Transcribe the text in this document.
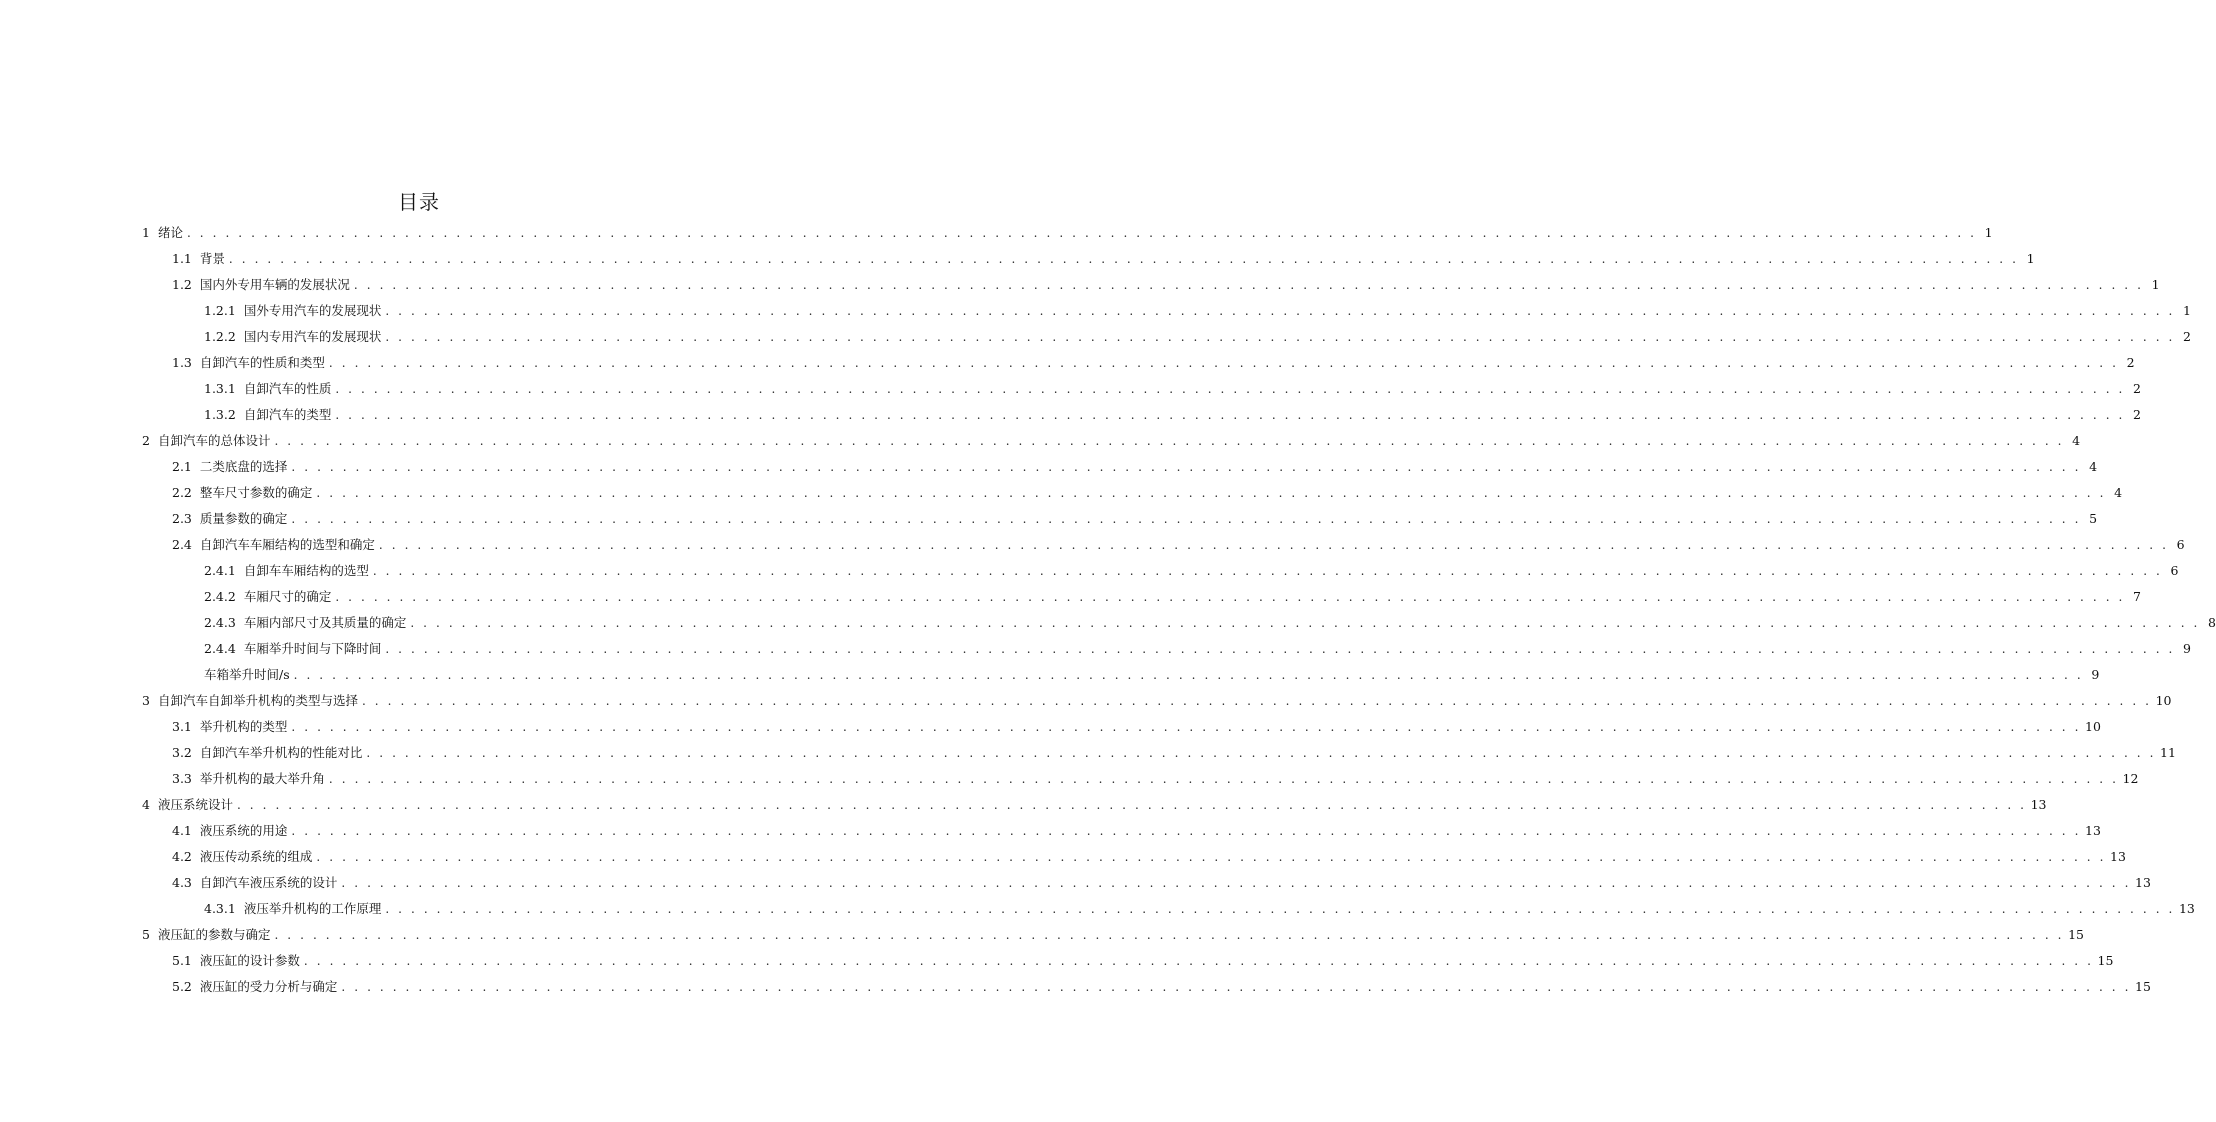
目录
1 绪论 . . . . . . . . . . . . . . . . . . . . . . . . . . . . . . . . . . . . . . . . . . . . . . . . . . . . . . . . . . . . . . . . . . . . . . . . . . . . . . . . . . . . . . . . . . . . . . . . . . . . . . . . . . . . . . . . . . . . . . . . . . . . . . . . . . . . . . . . . . . . 1
1.1 背景 . . . . . . . . . . . . . . . . . . . . . . . . . . . . . . . . . . . . . . . . . . . . . . . . . . . . . . . . . . . . . . . . . . . . . . . . . . . . . . . . . . . . . . . . . . . . . . . . . . . . . . . . . . . . . . . . . . . . . . . . . . . . . . . . . . . . . . . . . . . . 1
1.2 国内外专用车辆的发展状况 . . . . . . . . . . . . . . . . . . . . . . . . . . . . . . . . . . . . . . . . . . . . . . . . . . . . . . . . . . . . . . . . . . . . . . . . . . . . . . . . . . . . . . . . . . . . . . . . . . . . . . . . . . . . . . . . . . . . . . . . . . . . . . . . . . . . . . . . . . . . 1
1.2.1 国外专用汽车的发展现状 . . . . . . . . . . . . . . . . . . . . . . . . . . . . . . . . . . . . . . . . . . . . . . . . . . . . . . . . . . . . . . . . . . . . . . . . . . . . . . . . . . . . . . . . . . . . . . . . . . . . . . . . . . . . . . . . . . . . . . . . . . . . . . . . . . . . . . . . . . . . 1
1.2.2 国内专用汽车的发展现状 . . . . . . . . . . . . . . . . . . . . . . . . . . . . . . . . . . . . . . . . . . . . . . . . . . . . . . . . . . . . . . . . . . . . . . . . . . . . . . . . . . . . . . . . . . . . . . . . . . . . . . . . . . . . . . . . . . . . . . . . . . . . . . . . . . . . . . . . . . . . 2
1.3 自卸汽车的性质和类型 . . . . . . . . . . . . . . . . . . . . . . . . . . . . . . . . . . . . . . . . . . . . . . . . . . . . . . . . . . . . . . . . . . . . . . . . . . . . . . . . . . . . . . . . . . . . . . . . . . . . . . . . . . . . . . . . . . . . . . . . . . . . . . . . . . . . . . . . . . . . 2
1.3.1 自卸汽车的性质 . . . . . . . . . . . . . . . . . . . . . . . . . . . . . . . . . . . . . . . . . . . . . . . . . . . . . . . . . . . . . . . . . . . . . . . . . . . . . . . . . . . . . . . . . . . . . . . . . . . . . . . . . . . . . . . . . . . . . . . . . . . . . . . . . . . . . . . . . . . . 2
1.3.2 自卸汽车的类型 . . . . . . . . . . . . . . . . . . . . . . . . . . . . . . . . . . . . . . . . . . . . . . . . . . . . . . . . . . . . . . . . . . . . . . . . . . . . . . . . . . . . . . . . . . . . . . . . . . . . . . . . . . . . . . . . . . . . . . . . . . . . . . . . . . . . . . . . . . . . 2
2 自卸汽车的总体设计 . . . . . . . . . . . . . . . . . . . . . . . . . . . . . . . . . . . . . . . . . . . . . . . . . . . . . . . . . . . . . . . . . . . . . . . . . . . . . . . . . . . . . . . . . . . . . . . . . . . . . . . . . . . . . . . . . . . . . . . . . . . . . . . . . . . . . . . . . . . . 4
2.1 二类底盘的选择 . . . . . . . . . . . . . . . . . . . . . . . . . . . . . . . . . . . . . . . . . . . . . . . . . . . . . . . . . . . . . . . . . . . . . . . . . . . . . . . . . . . . . . . . . . . . . . . . . . . . . . . . . . . . . . . . . . . . . . . . . . . . . . . . . . . . . . . . . . . . 4
2.2 整车尺寸参数的确定 . . . . . . . . . . . . . . . . . . . . . . . . . . . . . . . . . . . . . . . . . . . . . . . . . . . . . . . . . . . . . . . . . . . . . . . . . . . . . . . . . . . . . . . . . . . . . . . . . . . . . . . . . . . . . . . . . . . . . . . . . . . . . . . . . . . . . . . . . . . . 4
2.3 质量参数的确定 . . . . . . . . . . . . . . . . . . . . . . . . . . . . . . . . . . . . . . . . . . . . . . . . . . . . . . . . . . . . . . . . . . . . . . . . . . . . . . . . . . . . . . . . . . . . . . . . . . . . . . . . . . . . . . . . . . . . . . . . . . . . . . . . . . . . . . . . . . . . 5
2.4 自卸汽车车厢结构的选型和确定 . . . . . . . . . . . . . . . . . . . . . . . . . . . . . . . . . . . . . . . . . . . . . . . . . . . . . . . . . . . . . . . . . . . . . . . . . . . . . . . . . . . . . . . . . . . . . . . . . . . . . . . . . . . . . . . . . . . . . . . . . . . . . . . . . . . . . . . . . . . . 6
2.4.1 自卸车车厢结构的选型 . . . . . . . . . . . . . . . . . . . . . . . . . . . . . . . . . . . . . . . . . . . . . . . . . . . . . . . . . . . . . . . . . . . . . . . . . . . . . . . . . . . . . . . . . . . . . . . . . . . . . . . . . . . . . . . . . . . . . . . . . . . . . . . . . . . . . . . . . . . . 6
2.4.2 车厢尺寸的确定 . . . . . . . . . . . . . . . . . . . . . . . . . . . . . . . . . . . . . . . . . . . . . . . . . . . . . . . . . . . . . . . . . . . . . . . . . . . . . . . . . . . . . . . . . . . . . . . . . . . . . . . . . . . . . . . . . . . . . . . . . . . . . . . . . . . . . . . . . . . . 7
2.4.3 车厢内部尺寸及其质量的确定 . . . . . . . . . . . . . . . . . . . . . . . . . . . . . . . . . . . . . . . . . . . . . . . . . . . . . . . . . . . . . . . . . . . . . . . . . . . . . . . . . . . . . . . . . . . . . . . . . . . . . . . . . . . . . . . . . . . . . . . . . . . . . . . . . . . . . . . . . . . . 8
2.4.4 车厢举升时间与下降时间 . . . . . . . . . . . . . . . . . . . . . . . . . . . . . . . . . . . . . . . . . . . . . . . . . . . . . . . . . . . . . . . . . . . . . . . . . . . . . . . . . . . . . . . . . . . . . . . . . . . . . . . . . . . . . . . . . . . . . . . . . . . . . . . . . . . . . . . . . . . . 9
车箱举升时间/s . . . . . . . . . . . . . . . . . . . . . . . . . . . . . . . . . . . . . . . . . . . . . . . . . . . . . . . . . . . . . . . . . . . . . . . . . . . . . . . . . . . . . . . . . . . . . . . . . . . . . . . . . . . . . . . . . . . . . . . . . . . . . . . . . . . . . . . . . . . . 9
3 自卸汽车自卸举升机构的类型与选择 . . . . . . . . . . . . . . . . . . . . . . . . . . . . . . . . . . . . . . . . . . . . . . . . . . . . . . . . . . . . . . . . . . . . . . . . . . . . . . . . . . . . . . . . . . . . . . . . . . . . . . . . . . . . . . . . . . . . . . . . . . . . . . . . . . . . . . . . . . . . 10
3.1 举升机构的类型 . . . . . . . . . . . . . . . . . . . . . . . . . . . . . . . . . . . . . . . . . . . . . . . . . . . . . . . . . . . . . . . . . . . . . . . . . . . . . . . . . . . . . . . . . . . . . . . . . . . . . . . . . . . . . . . . . . . . . . . . . . . . . . . . . . . . . . . . . . . . 10
3.2 自卸汽车举升机构的性能对比 . . . . . . . . . . . . . . . . . . . . . . . . . . . . . . . . . . . . . . . . . . . . . . . . . . . . . . . . . . . . . . . . . . . . . . . . . . . . . . . . . . . . . . . . . . . . . . . . . . . . . . . . . . . . . . . . . . . . . . . . . . . . . . . . . . . . . . . . . . . . 11
3.3 举升机构的最大举升角 . . . . . . . . . . . . . . . . . . . . . . . . . . . . . . . . . . . . . . . . . . . . . . . . . . . . . . . . . . . . . . . . . . . . . . . . . . . . . . . . . . . . . . . . . . . . . . . . . . . . . . . . . . . . . . . . . . . . . . . . . . . . . . . . . . . . . . . . . . . . 12
4 液压系统设计 . . . . . . . . . . . . . . . . . . . . . . . . . . . . . . . . . . . . . . . . . . . . . . . . . . . . . . . . . . . . . . . . . . . . . . . . . . . . . . . . . . . . . . . . . . . . . . . . . . . . . . . . . . . . . . . . . . . . . . . . . . . . . . . . . . . . . . . . . . . . 13
4.1 液压系统的用途 . . . . . . . . . . . . . . . . . . . . . . . . . . . . . . . . . . . . . . . . . . . . . . . . . . . . . . . . . . . . . . . . . . . . . . . . . . . . . . . . . . . . . . . . . . . . . . . . . . . . . . . . . . . . . . . . . . . . . . . . . . . . . . . . . . . . . . . . . . . . 13
4.2 液压传动系统的组成 . . . . . . . . . . . . . . . . . . . . . . . . . . . . . . . . . . . . . . . . . . . . . . . . . . . . . . . . . . . . . . . . . . . . . . . . . . . . . . . . . . . . . . . . . . . . . . . . . . . . . . . . . . . . . . . . . . . . . . . . . . . . . . . . . . . . . . . . . . . . 13
4.3 自卸汽车液压系统的设计 . . . . . . . . . . . . . . . . . . . . . . . . . . . . . . . . . . . . . . . . . . . . . . . . . . . . . . . . . . . . . . . . . . . . . . . . . . . . . . . . . . . . . . . . . . . . . . . . . . . . . . . . . . . . . . . . . . . . . . . . . . . . . . . . . . . . . . . . . . . . 13
4.3.1 液压举升机构的工作原理 . . . . . . . . . . . . . . . . . . . . . . . . . . . . . . . . . . . . . . . . . . . . . . . . . . . . . . . . . . . . . . . . . . . . . . . . . . . . . . . . . . . . . . . . . . . . . . . . . . . . . . . . . . . . . . . . . . . . . . . . . . . . . . . . . . . . . . . . . . . . 13
5 液压缸的参数与确定 . . . . . . . . . . . . . . . . . . . . . . . . . . . . . . . . . . . . . . . . . . . . . . . . . . . . . . . . . . . . . . . . . . . . . . . . . . . . . . . . . . . . . . . . . . . . . . . . . . . . . . . . . . . . . . . . . . . . . . . . . . . . . . . . . . . . . . . . . . . . 15
5.1 液压缸的设计参数 . . . . . . . . . . . . . . . . . . . . . . . . . . . . . . . . . . . . . . . . . . . . . . . . . . . . . . . . . . . . . . . . . . . . . . . . . . . . . . . . . . . . . . . . . . . . . . . . . . . . . . . . . . . . . . . . . . . . . . . . . . . . . . . . . . . . . . . . . . . . 15
5.2 液压缸的受力分析与确定 . . . . . . . . . . . . . . . . . . . . . . . . . . . . . . . . . . . . . . . . . . . . . . . . . . . . . . . . . . . . . . . . . . . . . . . . . . . . . . . . . . . . . . . . . . . . . . . . . . . . . . . . . . . . . . . . . . . . . . . . . . . . . . . . . . . . . . . . . . . . 15
